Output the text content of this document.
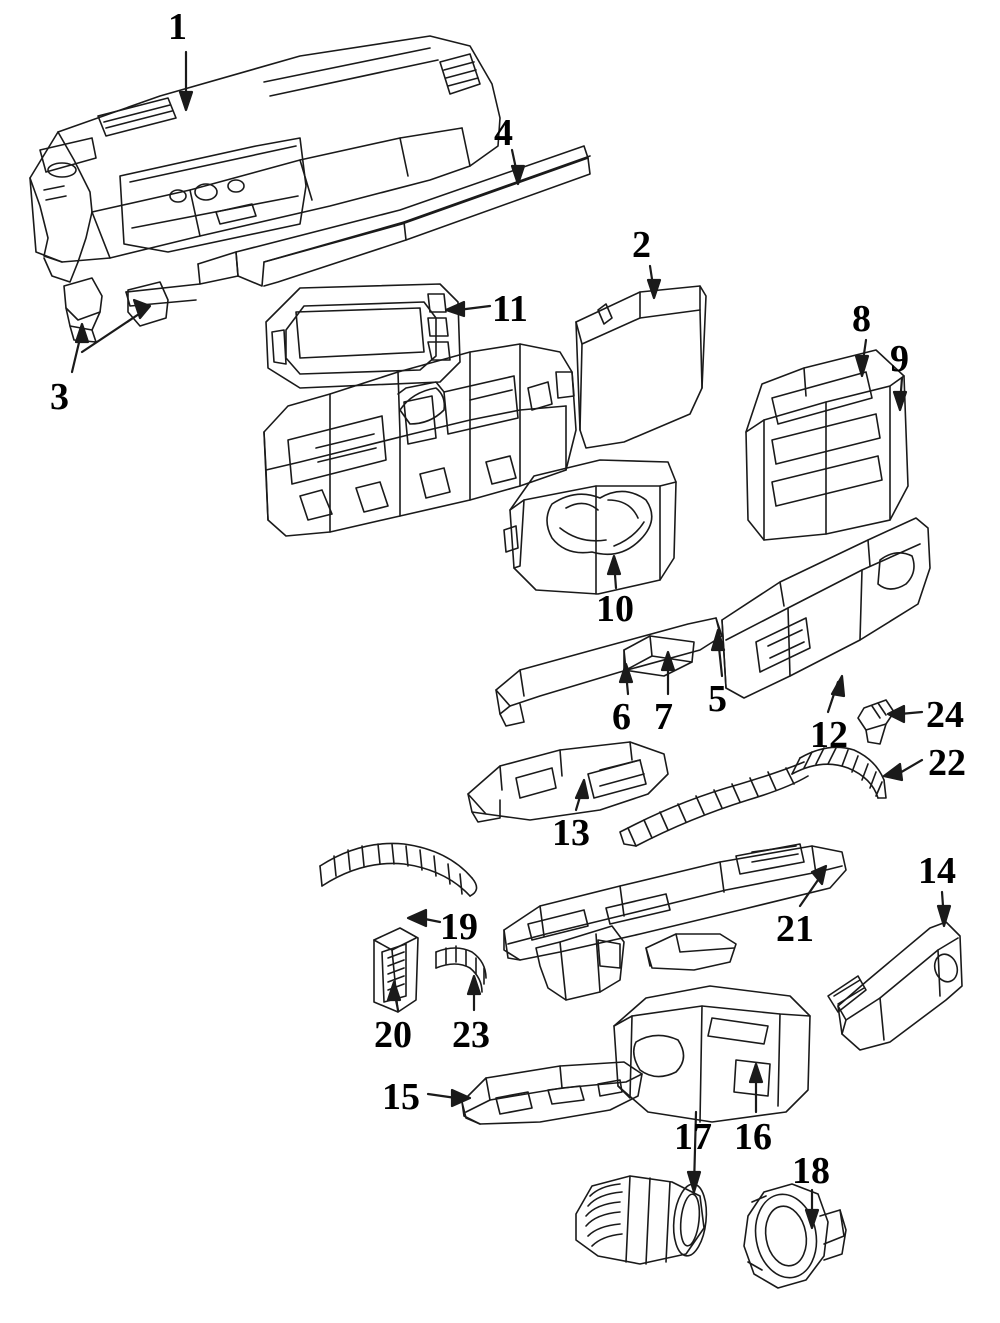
1
4
3
11
2
8
9
10
6 7 5
12 24
22
13
19
14
21
20 23
15
17 16
18
